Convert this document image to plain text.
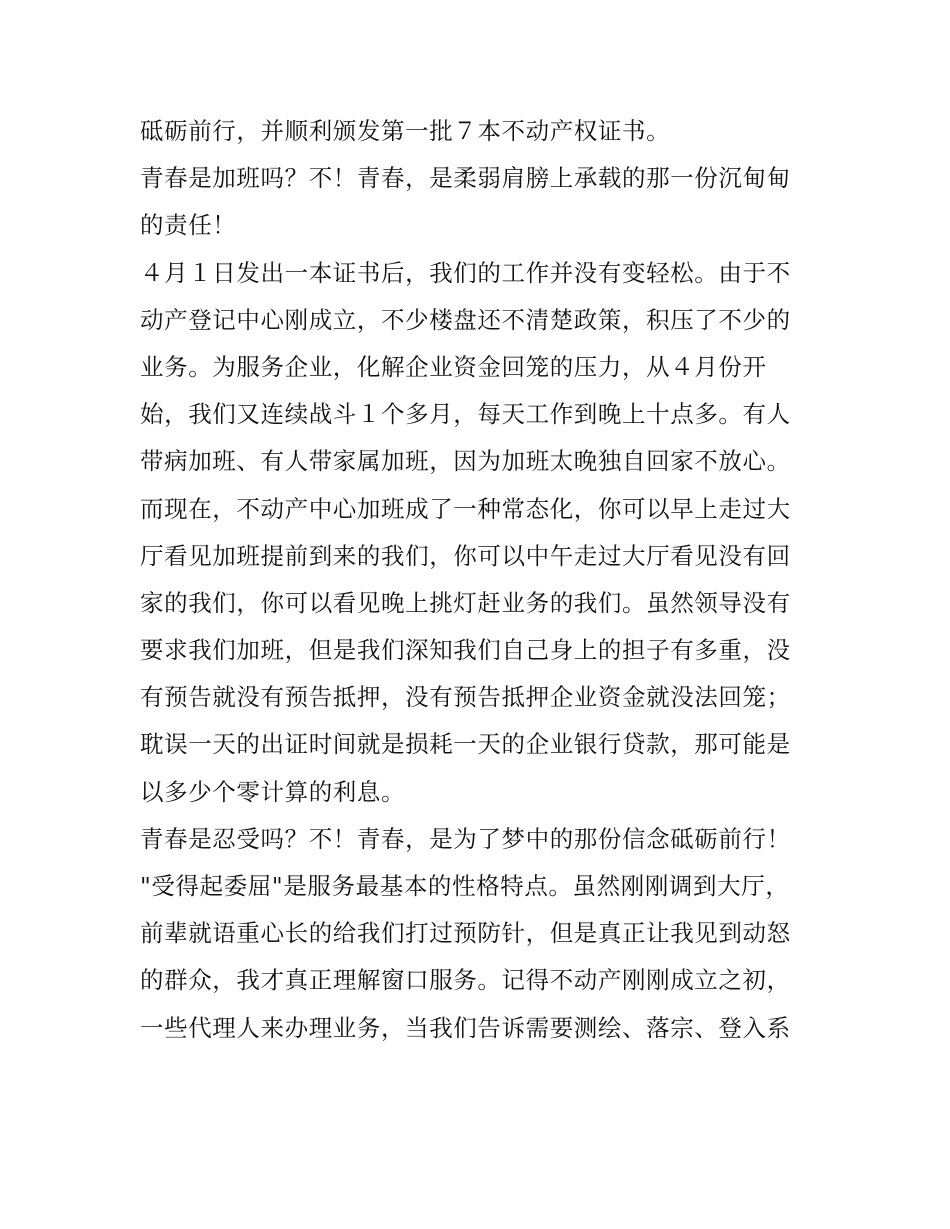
砥砺前行，并顺利颁发第一批７本不动产权证书。
青春是加班吗？不！青春，是柔弱肩膀上承载的那一份沉甸甸
的责任！
４月１日发出一本证书后，我们的工作并没有变轻松。由于不
动产登记中心刚成立，不少楼盘还不清楚政策，积压了不少的
业务。为服务企业，化解企业资金回笼的压力，从４月份开
始，我们又连续战斗１个多月，每天工作到晚上十点多。有人
带病加班、有人带家属加班，因为加班太晚独自回家不放心。
而现在，不动产中心加班成了一种常态化，你可以早上走过大
厅看见加班提前到来的我们，你可以中午走过大厅看见没有回
家的我们，你可以看见晚上挑灯赶业务的我们。虽然领导没有
要求我们加班，但是我们深知我们自己身上的担子有多重，没
有预告就没有预告抵押，没有预告抵押企业资金就没法回笼；
耽误一天的出证时间就是损耗一天的企业银行贷款，那可能是
以多少个零计算的利息。
青春是忍受吗？不！青春，是为了梦中的那份信念砥砺前行！
"受得起委屈"是服务最基本的性格特点。虽然刚刚调到大厅，
前辈就语重心长的给我们打过预防针，但是真正让我见到动怒
的群众，我才真正理解窗口服务。记得不动产刚刚成立之初，
一些代理人来办理业务，当我们告诉需要测绘、落宗、登入系
